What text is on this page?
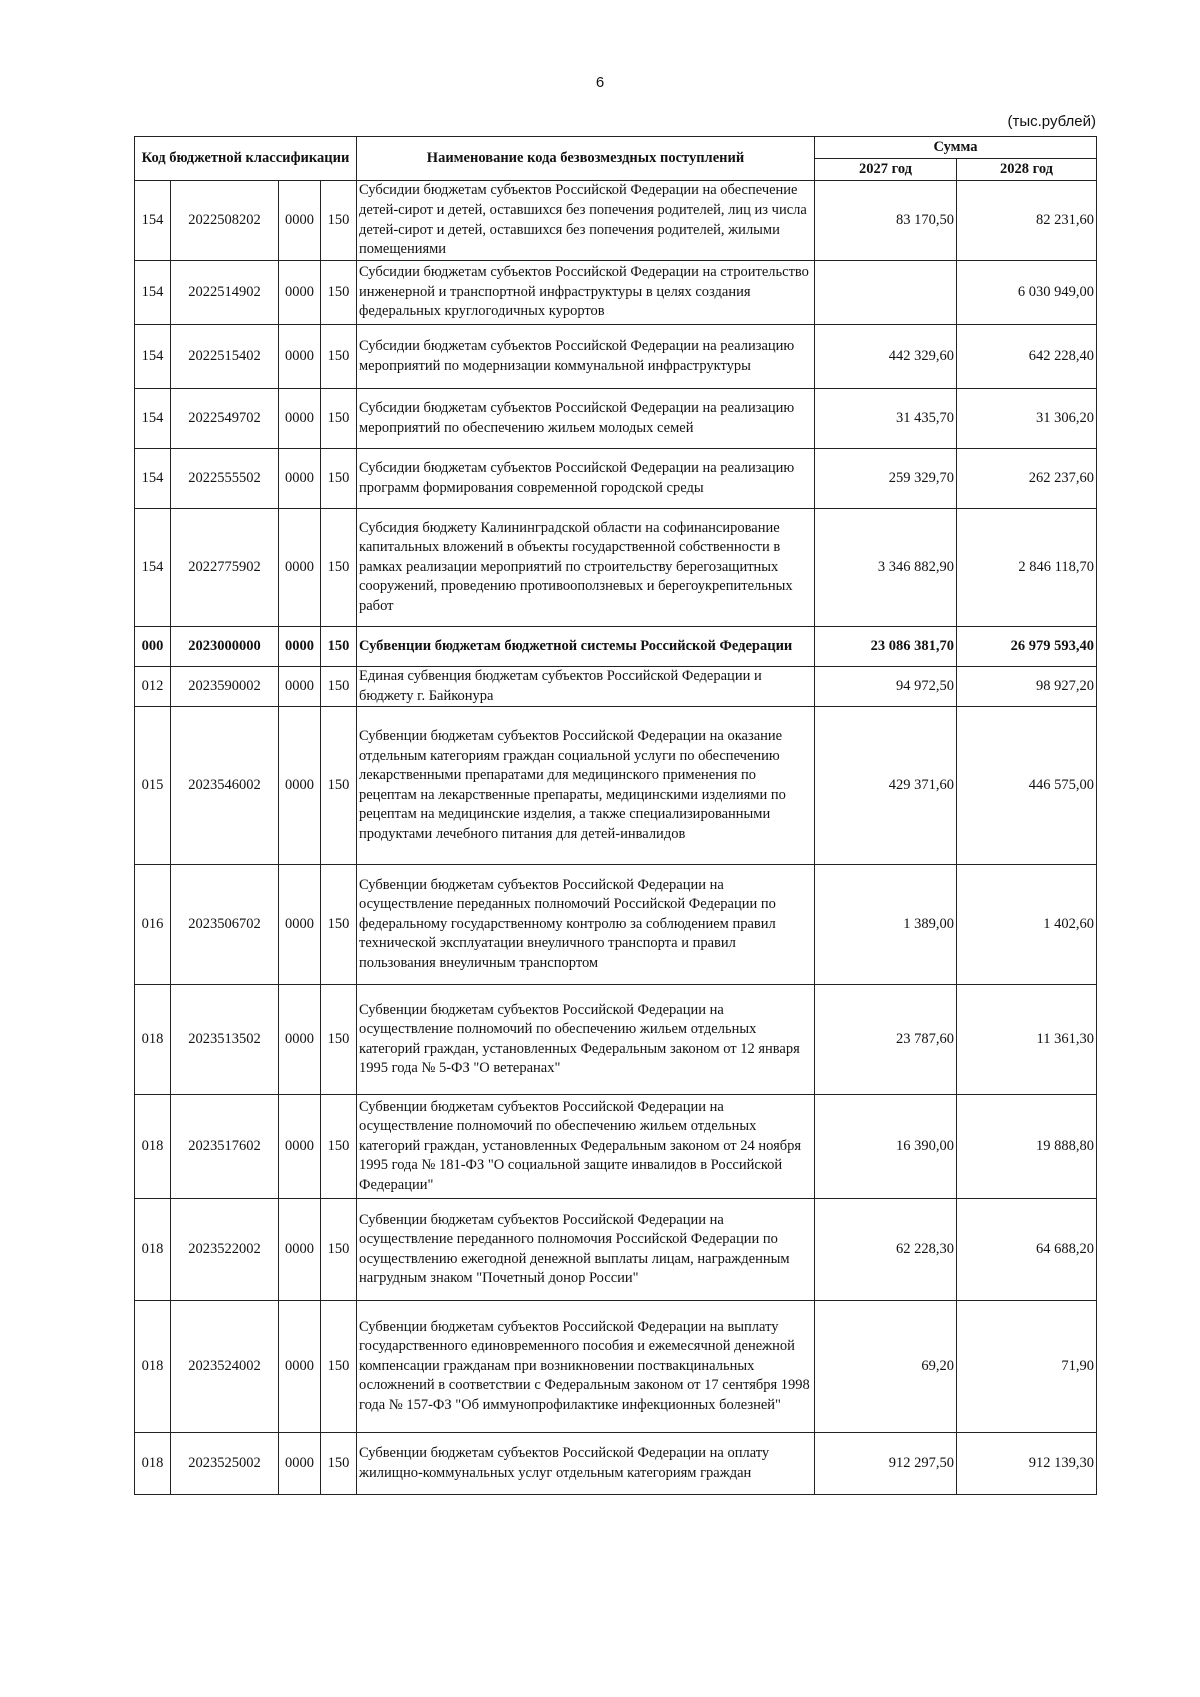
6
(тыс.рублей)
Код бюджетной классификации				Наименование кода безвозмездных поступлений	Сумма	
					2027 год	2028 год
154	2022508202	0000	150	Субсидии бюджетам субъектов Российской Федерации на обеспечение детей-сирот и детей, оставшихся без попечения родителей, лиц из числа детей-сирот и детей, оставшихся без попечения родителей, жилыми помещениями	83 170,50	82 231,60
154	2022514902	0000	150	Субсидии бюджетам субъектов Российской Федерации на строительство инженерной и транспортной инфраструктуры в целях создания федеральных круглогодичных курортов		6 030 949,00
154	2022515402	0000	150	Субсидии бюджетам субъектов Российской Федерации на реализацию мероприятий по модернизации коммунальной инфраструктуры	442 329,60	642 228,40
154	2022549702	0000	150	Субсидии бюджетам субъектов Российской Федерации на реализацию мероприятий по обеспечению жильем молодых семей	31 435,70	31 306,20
154	2022555502	0000	150	Субсидии бюджетам субъектов Российской Федерации на реализацию программ формирования современной городской среды	259 329,70	262 237,60
154	2022775902	0000	150	Субсидия бюджету Калининградской области на софинансирование капитальных вложений в объекты государственной собственности в рамках реализации мероприятий по строительству берегозащитных сооружений, проведению противооползневых и берегоукрепительных работ	3 346 882,90	2 846 118,70
000	2023000000	0000	150	Субвенции бюджетам бюджетной системы Российской Федерации	23 086 381,70	26 979 593,40
012	2023590002	0000	150	Единая субвенция бюджетам субъектов Российской Федерации и бюджету г. Байконура	94 972,50	98 927,20
015	2023546002	0000	150	Субвенции бюджетам субъектов Российской Федерации на оказание отдельным категориям граждан социальной услуги по обеспечению лекарственными препаратами для медицинского применения по рецептам на лекарственные препараты, медицинскими изделиями по рецептам на медицинские изделия, а также специализированными продуктами лечебного питания для детей-инвалидов	429 371,60	446 575,00
016	2023506702	0000	150	Субвенции бюджетам субъектов Российской Федерации на осуществление переданных полномочий Российской Федерации по федеральному государственному контролю за соблюдением правил технической эксплуатации внеуличного транспорта и правил пользования внеуличным транспортом	1 389,00	1 402,60
018	2023513502	0000	150	Субвенции бюджетам субъектов Российской Федерации на осуществление полномочий по обеспечению жильем отдельных категорий граждан, установленных Федеральным законом от 12 января 1995 года № 5-ФЗ "О ветеранах"	23 787,60	11 361,30
018	2023517602	0000	150	Субвенции бюджетам субъектов Российской Федерации на осуществление полномочий по обеспечению жильем отдельных категорий граждан, установленных Федеральным законом от 24 ноября 1995 года № 181-ФЗ "О социальной защите инвалидов в Российской Федерации"	16 390,00	19 888,80
018	2023522002	0000	150	Субвенции бюджетам субъектов Российской Федерации на осуществление переданного полномочия Российской Федерации по осуществлению ежегодной денежной выплаты лицам, награжденным нагрудным знаком "Почетный донор России"	62 228,30	64 688,20
018	2023524002	0000	150	Субвенции бюджетам субъектов Российской Федерации на выплату государственного единовременного пособия и ежемесячной денежной компенсации гражданам при возникновении поствакцинальных осложнений в соответствии с Федеральным законом от 17 сентября 1998 года № 157-ФЗ "Об иммунопрофилактике инфекционных болезней"	69,20	71,90
018	2023525002	0000	150	Субвенции бюджетам субъектов Российской Федерации на оплату жилищно-коммунальных услуг отдельным категориям граждан	912 297,50	912 139,30
